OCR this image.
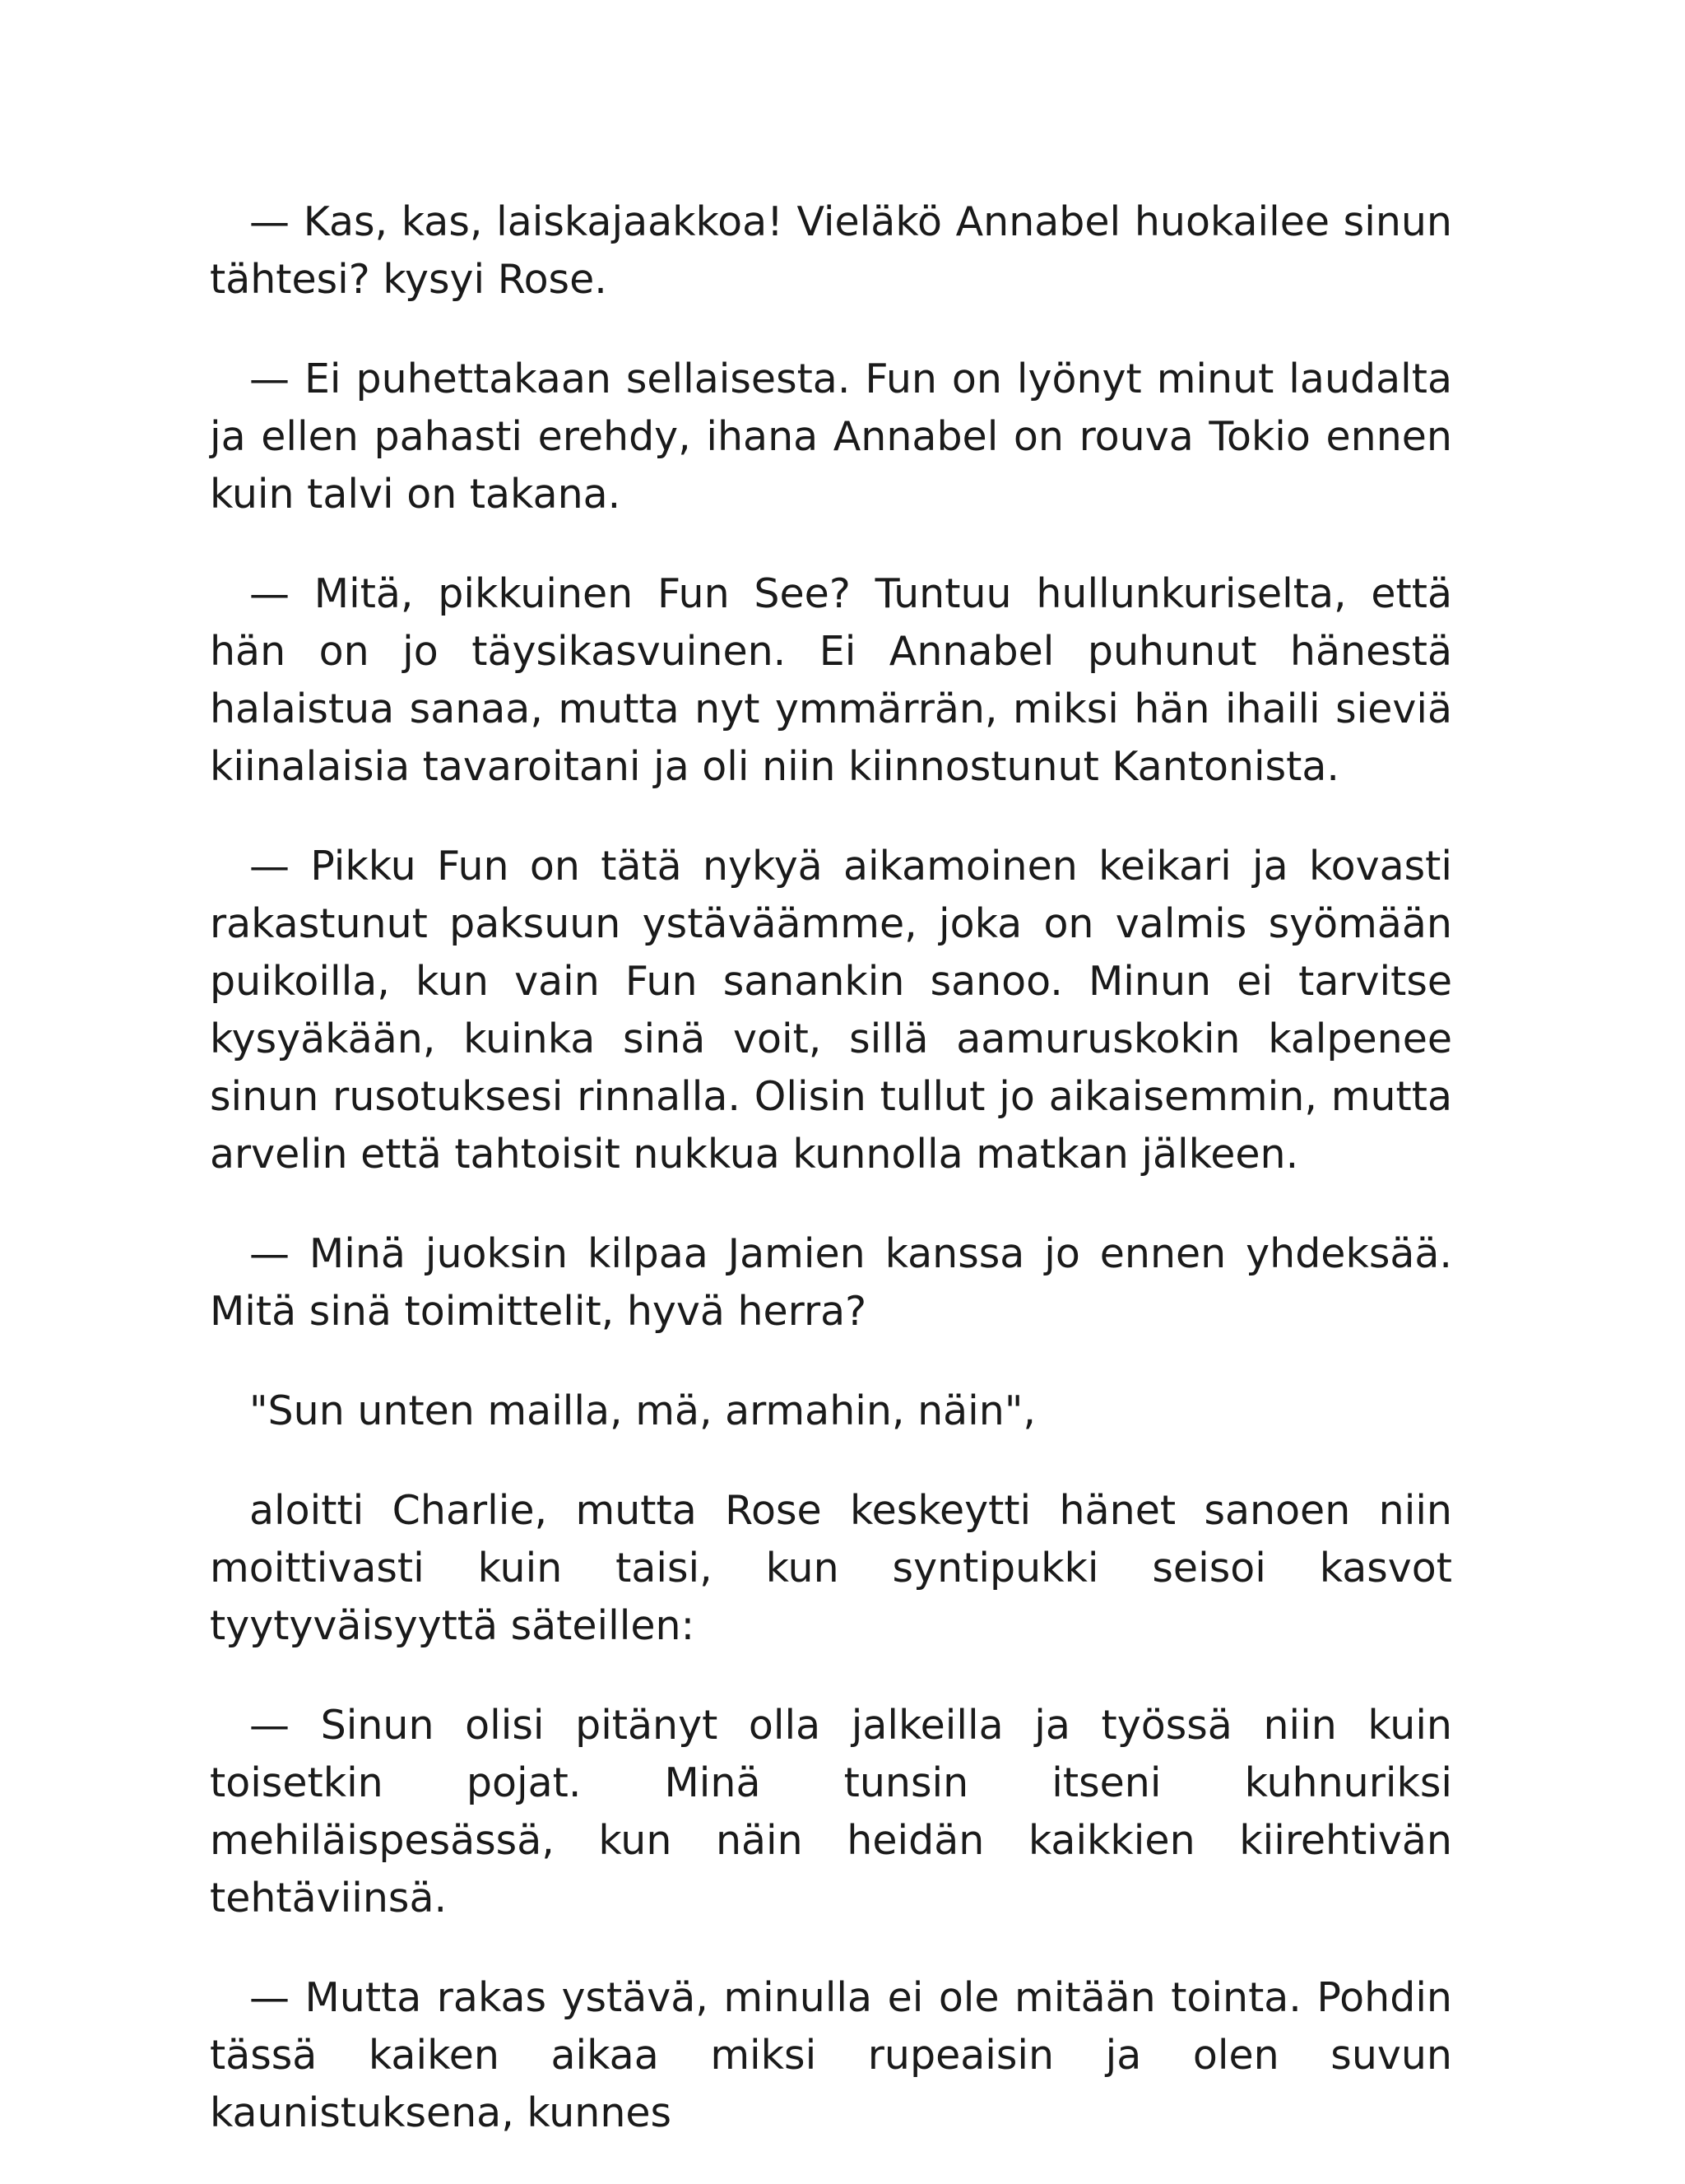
— Kas, kas, laiskajaakkoa! Vieläkö Annabel huokailee sinun tähtesi? kysyi Rose.

— Ei puhettakaan sellaisesta. Fun on lyönyt minut laudalta ja ellen pahasti erehdy, ihana Annabel on rouva Tokio ennen kuin talvi on takana.

— Mitä, pikkuinen Fun See? Tuntuu hullunkuriselta, että hän on jo täysikasvuinen. Ei Annabel puhunut hänestä halaistua sanaa, mutta nyt ymmärrän, miksi hän ihaili sieviä kiinalaisia tavaroitani ja oli niin kiinnostunut Kantonista.

— Pikku Fun on tätä nykyä aikamoinen keikari ja kovasti rakastunut paksuun ystäväämme, joka on valmis syömään puikoilla, kun vain Fun sanankin sanoo. Minun ei tarvitse kysyäkään, kuinka sinä voit, sillä aamuruskokin kalpenee sinun rusotuksesi rinnalla. Olisin tullut jo aikaisemmin, mutta arvelin että tahtoisit nukkua kunnolla matkan jälkeen.

— Minä juoksin kilpaa Jamien kanssa jo ennen yhdeksää. Mitä sinä toimittelit, hyvä herra?

"Sun unten mailla, mä, armahin, näin",

aloitti Charlie, mutta Rose keskeytti hänet sanoen niin moittivasti kuin taisi, kun syntipukki seisoi kasvot tyytyväisyyttä säteillen:

— Sinun olisi pitänyt olla jalkeilla ja työssä niin kuin toisetkin pojat. Minä tunsin itseni kuhnuriksi mehiläispesässä, kun näin heidän kaikkien kiirehtivän tehtäviinsä.

— Mutta rakas ystävä, minulla ei ole mitään tointa. Pohdin tässä kaiken aikaa miksi rupeaisin ja olen suvun kaunistuksena, kunnes
